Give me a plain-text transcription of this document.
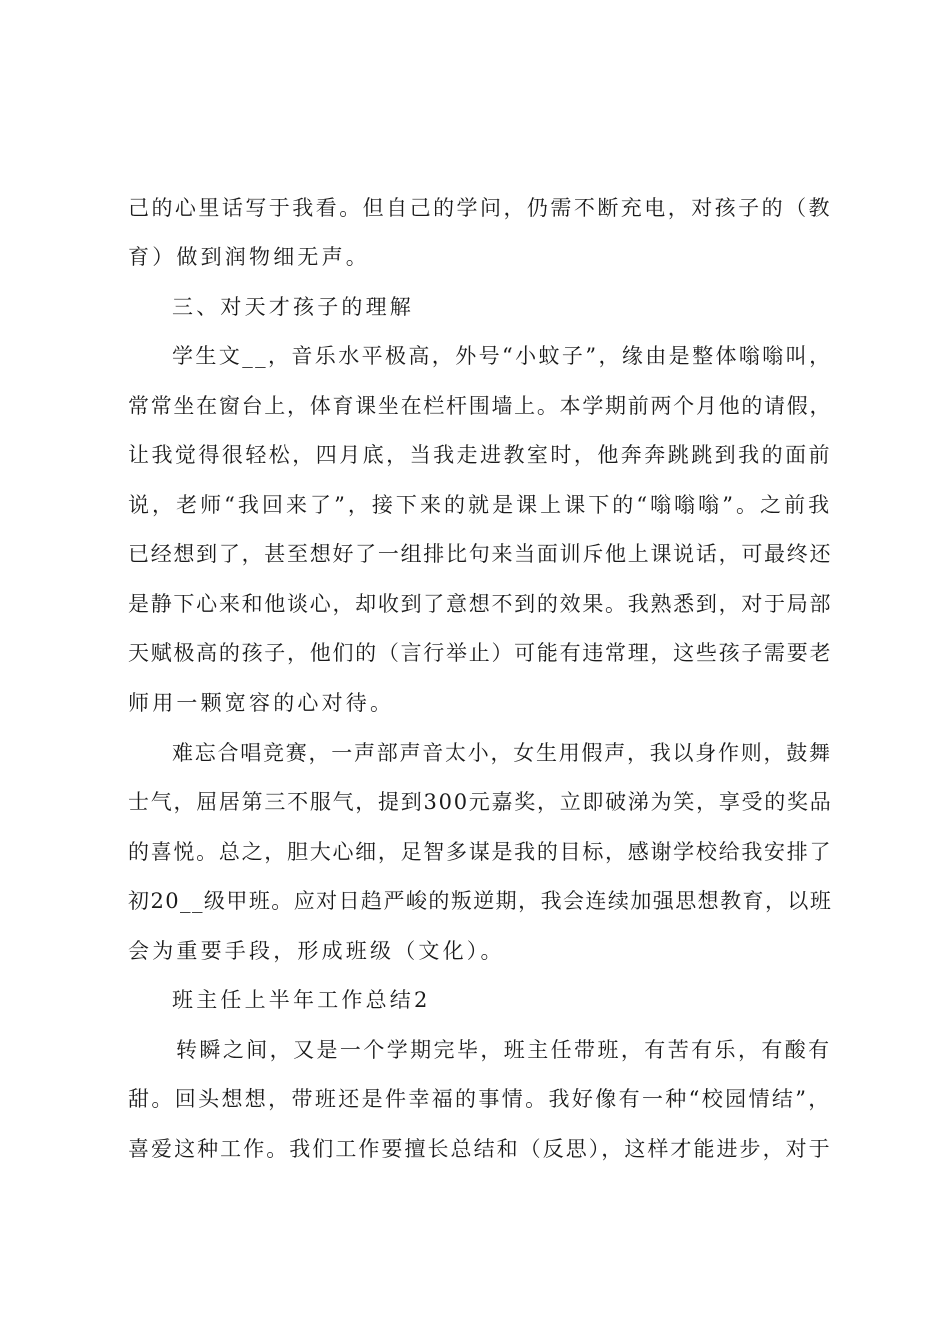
己的心里话写于我看。但自己的学问，仍需不断充电，对孩子的（教
育）做到润物细无声。
三、对天才孩子的理解
学生文__，音乐水平极高，外号“小蚊子”，缘由是整体嗡嗡叫，
常常坐在窗台上，体育课坐在栏杆围墙上。本学期前两个月他的请假，
让我觉得很轻松，四月底，当我走进教室时，他奔奔跳跳到我的面前
说，老师“我回来了”，接下来的就是课上课下的“嗡嗡嗡”。之前我
已经想到了，甚至想好了一组排比句来当面训斥他上课说话，可最终还
是静下心来和他谈心，却收到了意想不到的效果。我熟悉到，对于局部
天赋极高的孩子，他们的（言行举止）可能有违常理，这些孩子需要老
师用一颗宽容的心对待。
难忘合唱竞赛，一声部声音太小，女生用假声，我以身作则，鼓舞
士气，屈居第三不服气，提到300元嘉奖，立即破涕为笑，享受的奖品
的喜悦。总之，胆大心细，足智多谋是我的目标，感谢学校给我安排了
初20__级甲班。应对日趋严峻的叛逆期，我会连续加强思想教育，以班
会为重要手段，形成班级（文化）。
班主任上半年工作总结2
转瞬之间，又是一个学期完毕，班主任带班，有苦有乐，有酸有
甜。回头想想，带班还是件幸福的事情。我好像有一种“校园情结”，
喜爱这种工作。我们工作要擅长总结和（反思），这样才能进步，对于
